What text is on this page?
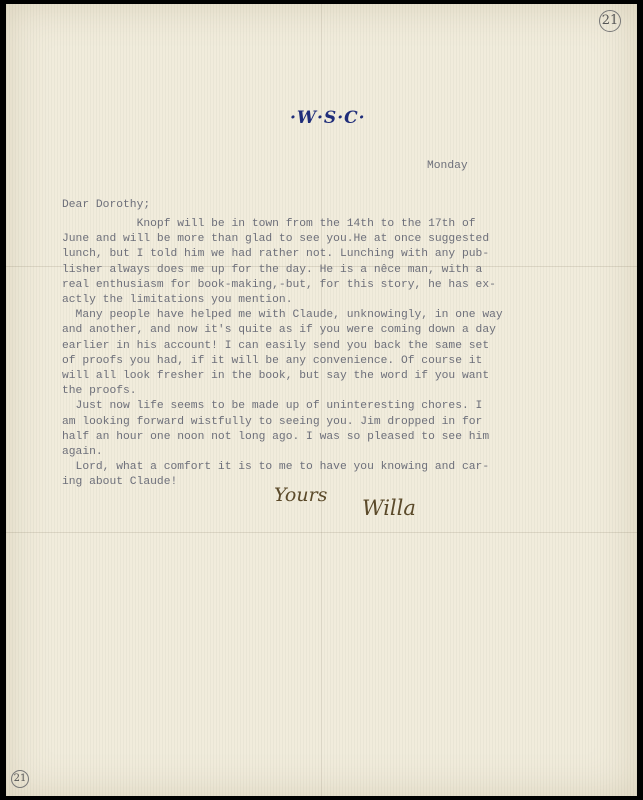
21
21
·W·S·C·
Monday
Dear Dorothy;

Knopf will be in town from the 14th to the 17th of

June and will be more than glad to see you.He at once suggested

lunch, but I told him we had rather not. Lunching with any pub-

lisher always does me up for the day. He is a nêce man, with a

real enthusiasm for book-making,-but, for this story, he has ex-

actly the limitations you mention.

Many people have helped me with Claude, unknowingly, in one way

and another, and now it's quite as if you were coming down a day

earlier in his account! I can easily send you back the same set

of proofs you had, if it will be any convenience. Of course it

will all look fresher in the book, but say the word if you want

the proofs.

Just now life seems to be made up of uninteresting chores. I

am looking forward wistfully to seeing you. Jim dropped in for

half an hour one noon not long ago. I was so pleased to see him

again.

Lord, what a comfort it is to me to have you knowing and car-

ing about Claude!

Yours
Willa
